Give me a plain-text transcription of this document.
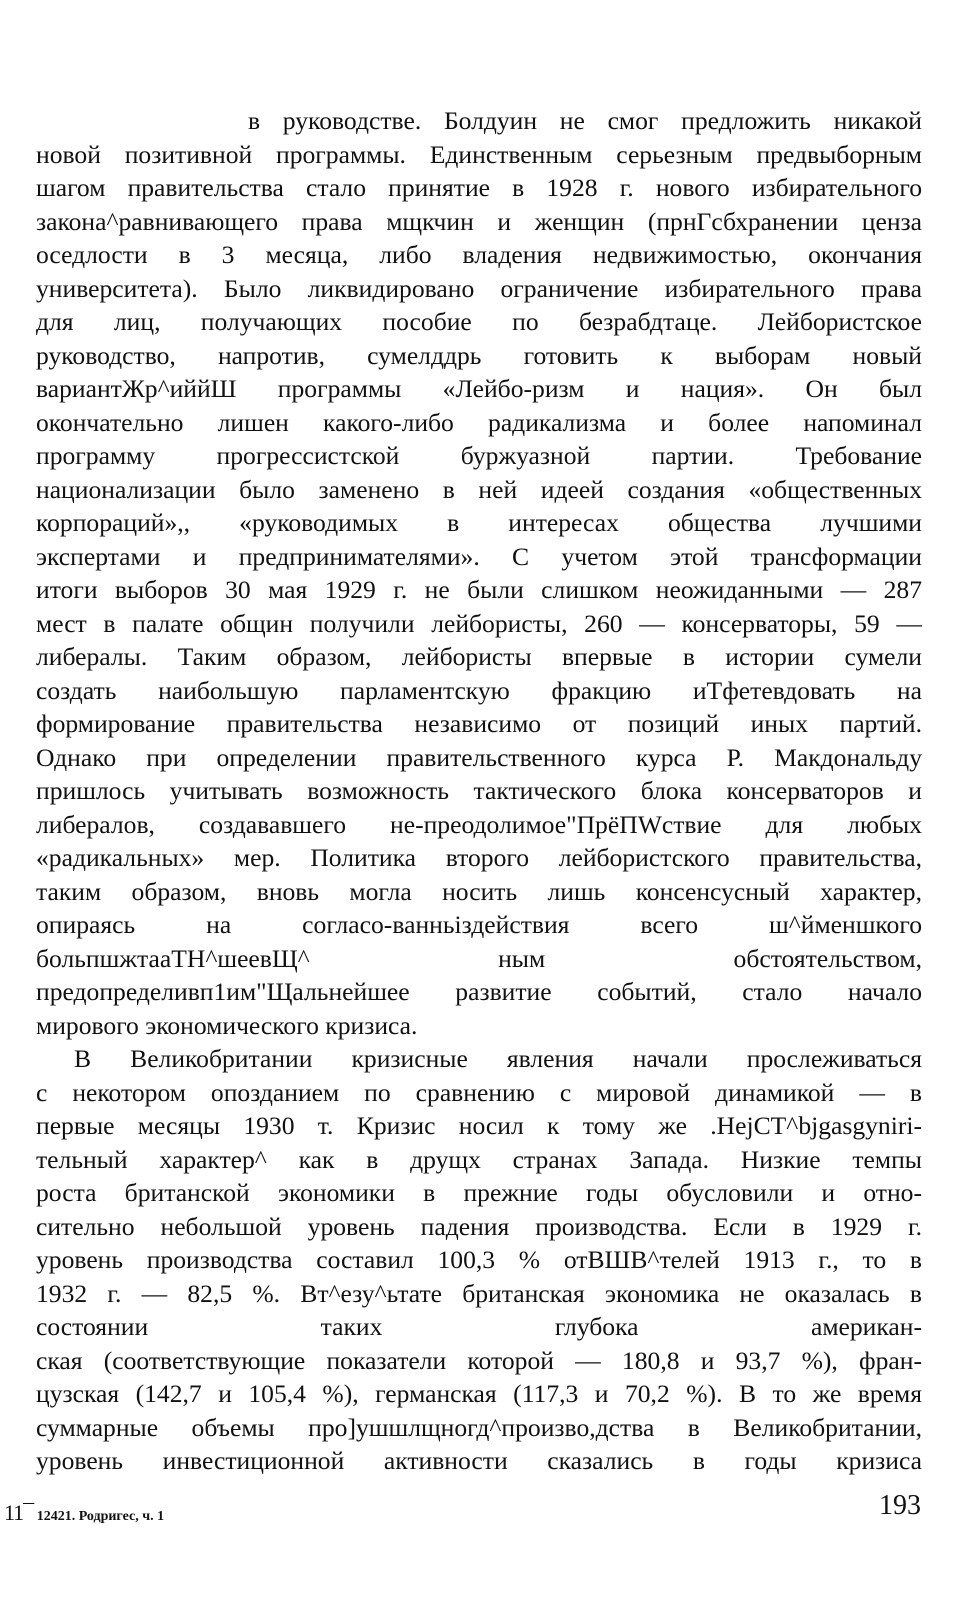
в руководстве. Болдуин не смог предложить никакой
новой позитивной программы. Единственным серьезным предвыборным
шагом правительства стало принятие в 1928 г. нового избирательного
закона^равнивающего права мщкчин и женщин (прнГсбхранении ценза
оседлости в 3 месяца, либо владения недвижимостью, окончания
университета). Было ликвидировано ограничение избирательного права
для лиц, получающих пособие по безрабдтаце. Лейбористское
руководство, напротив, сумелддрь готовить к выборам новый
вариантЖр^иййШ программы «Лейбо-ризм и нация». Он был
окончательно лишен какого-либо радикализма и более напоминал
программу прогрессистской буржуазной партии. Требование
национализации было заменено в ней идеей создания «общественных
корпораций»,, «руководимых в интересах общества лучшими
экспертами и предпринимателями». С учетом этой трансформации
итоги выборов 30 мая 1929 г. не были слишком неожиданными — 287
мест в палате общин получили лейбористы, 260 — консерваторы, 59 —
либералы. Таким образом, лейбористы впервые в истории сумели
создать наибольшую парламентскую фракцию иТфетевдовать на
формирование правительства независимо от позиций иных партий.
Однако при определении правительственного курса Р. Макдональду
пришлось учитывать возможность тактического блока консерваторов и
либералов, создававшего не-преодолимое"ПрёПWствие для любых
«радикальных» мер. Политика второго лейбористского правительства,
таким образом, вновь могла носить лишь консенсусный характер,
опираясь на согласо-ванньіздействия всего ш^йменшкого
больпшжтааТН^шеевЩ^ ным обстоятельством,
предопределивп1им"Щальнейшее развитие событий, стало начало
мирового экономического кризиса.
В Великобритании кризисные явления начали прослеживаться
с некотором опозданием по сравнению с мировой динамикой — в
первые месяцы 1930 т. Кризис носил к тому же .HejCT^bjgasgynirі-
тельный характер^ как в друщх странах Запада. Низкие темпы
роста британской экономики в прежние годы обусловили и отно-
сительно небольшой уровень падения производства. Если в 1929 г.
уровень производства составил 100,3 % отВШВ^телей 1913 г., то в
1932 г. — 82,5 %. Вт^езу^ьтате британская экономика не оказалась в
состоянии таких глубока американ-
ская (соответствующие показатели которой — 180,8 и 93,7 %), фран-
цузская (142,7 и 105,4 %), германская (117,3 и 70,2 %). В то же время
суммарные объемы про]ушшлщногд^произво,дства в Великобритании,
уровень инвестиционной активности сказались в годы кризиса
11¯ 12421. Родригес, ч. 1	193
